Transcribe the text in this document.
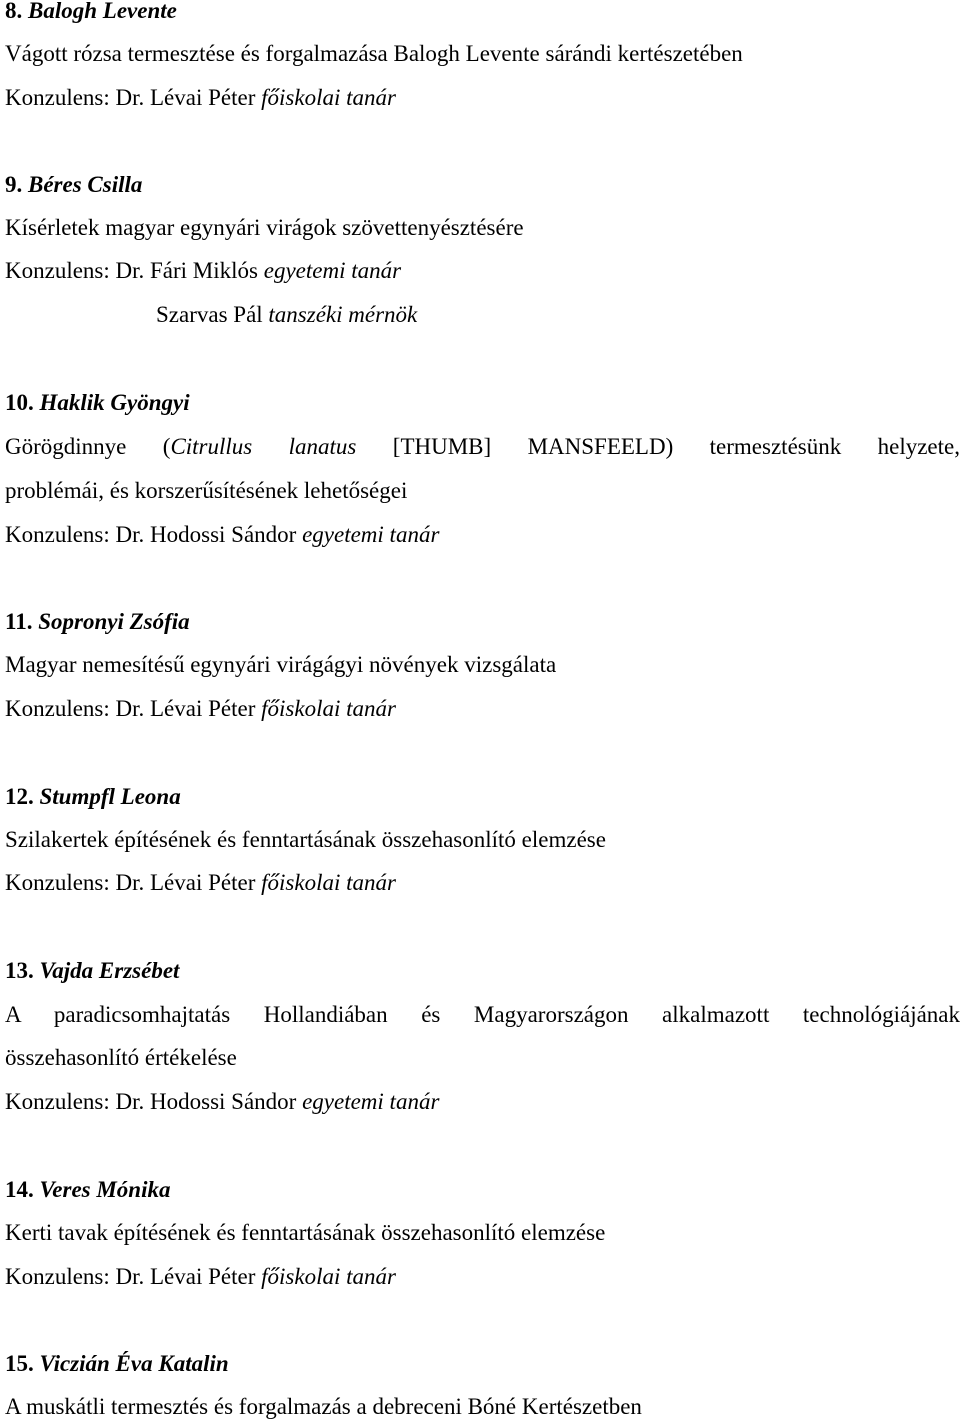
8. Balogh Levente
Vágott rózsa termesztése és forgalmazása Balogh Levente sárándi kertészetében
Konzulens: Dr. Lévai Péter főiskolai tanár
9. Béres Csilla
Kísérletek magyar egynyári virágok szövettenyésztésére
Konzulens: Dr. Fári Miklós egyetemi tanár
Szarvas Pál tanszéki mérnök
10. Haklik Gyöngyi
Görögdinnye (Citrullus lanatus [THUMB] MANSFEELD) termesztésünk helyzete,
problémái, és korszerűsítésének lehetőségei
Konzulens: Dr. Hodossi Sándor egyetemi tanár
11. Sopronyi Zsófia
Magyar nemesítésű egynyári virágágyi növények vizsgálata
Konzulens: Dr. Lévai Péter főiskolai tanár
12. Stumpfl Leona
Szilakertek építésének és fenntartásának összehasonlító elemzése
Konzulens: Dr. Lévai Péter főiskolai tanár
13. Vajda Erzsébet
A paradicsomhajtatás Hollandiában és Magyarországon alkalmazott technológiájának
összehasonlító értékelése
Konzulens: Dr. Hodossi Sándor egyetemi tanár
14. Veres Mónika
Kerti tavak építésének és fenntartásának összehasonlító elemzése
Konzulens: Dr. Lévai Péter főiskolai tanár
15. Viczián Éva Katalin
A muskátli termesztés és forgalmazás a debreceni Bóné Kertészetben
